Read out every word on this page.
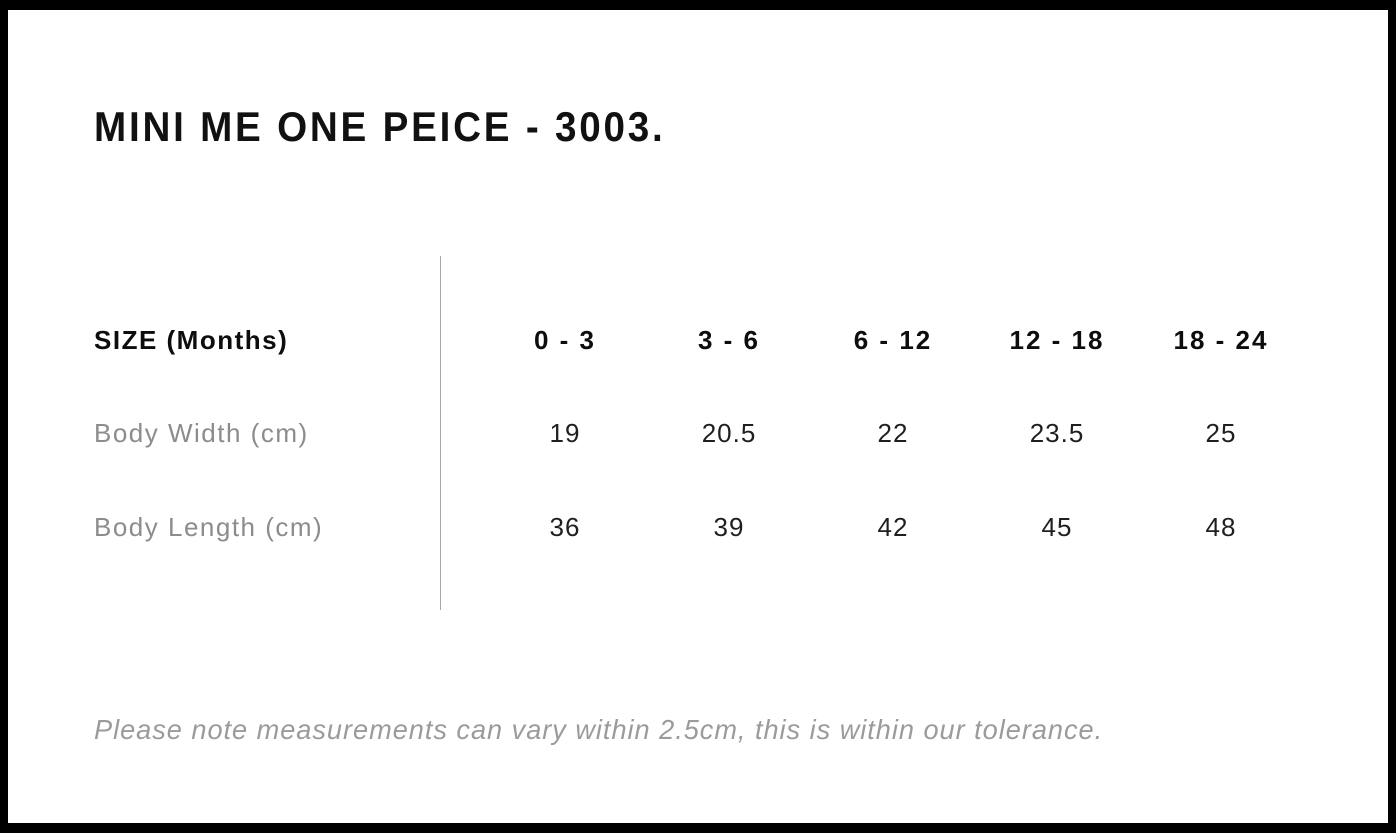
MINI ME ONE PEICE - 3003.
SIZE (Months)	0 - 3	3 - 6	6 - 12	12 - 18	18 - 24
Body Width (cm)	19	20.5	22	23.5	25
Body Length (cm)	36	39	42	45	48

Please note measurements can vary within 2.5cm, this is within our tolerance.
